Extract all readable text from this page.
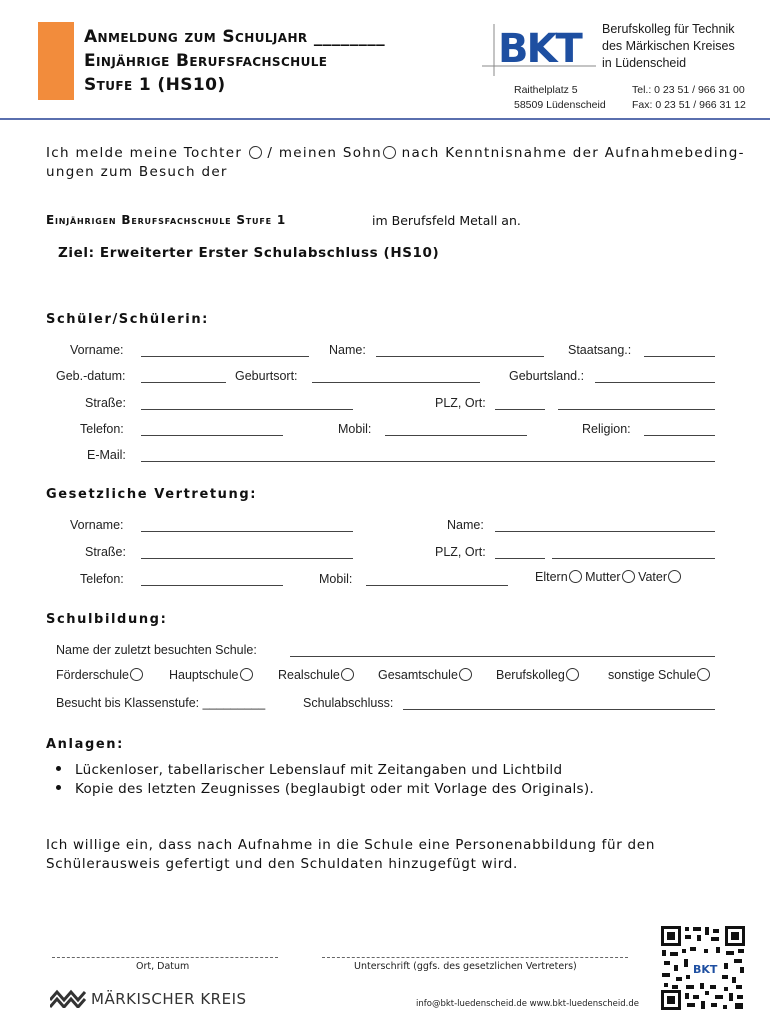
Anmeldung zum Schuljahr ________
Einjährige Berufsfachschule
Stufe 1 (HS10)
BKT Berufskolleg für Technik
des Märkischen Kreises
in Lüdenscheid
Raithelplatz 5
58509 Lüdenscheid
Tel.: 0 23 51 / 966 31 00
Fax: 0 23 51 / 966 31 12
Ich melde meine Tochter / meinen Sohn nach Kenntnisnahme der Aufnahmebeding-
ungen zum Besuch der
Einjährigen Berufsfachschule Stufe 1	im Berufsfeld Metall an.
Ziel: Erweiterter Erster Schulabschluss (HS10)
Schüler/Schülerin:
Vorname:	Name:	Staatsang.:
Geb.-datum:	Geburtsort:	Geburtsland.:
Straße:	PLZ, Ort:
Telefon:	Mobil:	Religion:
E-Mail:
Gesetzliche Vertretung:
Vorname:	Name:
Straße:	PLZ, Ort:
Telefon:	Mobil:	Eltern Mutter Vater
Schulbildung:
Name der zuletzt besuchten Schule:
Förderschule	Hauptschule	Realschule	Gesamtschule	Berufskolleg	sonstige Schule
Besucht bis Klassenstufe: _________	Schulabschluss:
Anlagen:
Lückenloser, tabellarischer Lebenslauf mit Zeitangaben und Lichtbild
Kopie des letzten Zeugnisses (beglaubigt oder mit Vorlage des Originals).
Ich willige ein, dass nach Aufnahme in die Schule eine Personenabbildung für den
Schülerausweis gefertigt und den Schuldaten hinzugefügt wird.
Ort, Datum	Unterschrift (ggfs. des gesetzlichen Vertreters)
MÄRKISCHER KREIS	info@bkt-luedenscheid.de www.bkt-luedenscheid.de
BKT
